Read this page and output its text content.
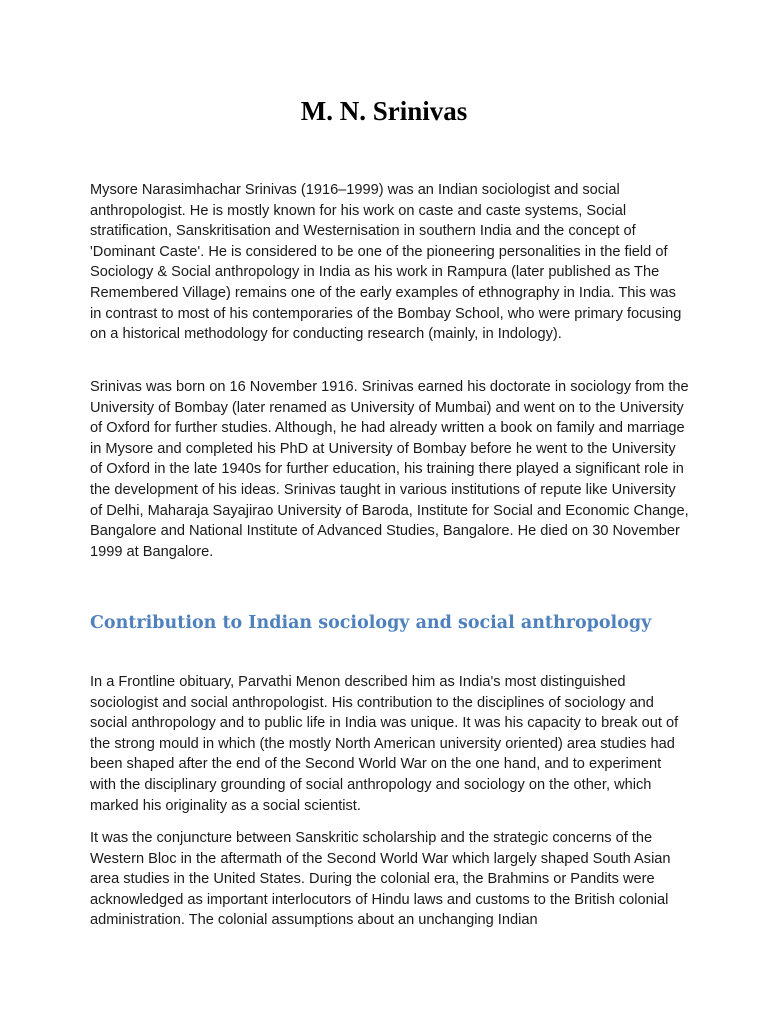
M. N. Srinivas

Mysore Narasimhachar Srinivas (1916–1999) was an Indian sociologist and social anthropologist. He is mostly known for his work on caste and caste systems, Social stratification, Sanskritisation and Westernisation in southern India and the concept of 'Dominant Caste'. He is considered to be one of the pioneering personalities in the field of Sociology & Social anthropology in India as his work in Rampura (later published as The Remembered Village) remains one of the early examples of ethnography in India. This was in contrast to most of his contemporaries of the Bombay School, who were primary focusing on a historical methodology for conducting research (mainly, in Indology).

Srinivas was born on 16 November 1916. Srinivas earned his doctorate in sociology from the University of Bombay (later renamed as University of Mumbai) and went on to the University of Oxford for further studies. Although, he had already written a book on family and marriage in Mysore and completed his PhD at University of Bombay before he went to the University of Oxford in the late 1940s for further education, his training there played a significant role in the development of his ideas. Srinivas taught in various institutions of repute like University of Delhi, Maharaja Sayajirao University of Baroda, Institute for Social and Economic Change, Bangalore and National Institute of Advanced Studies, Bangalore. He died on 30 November 1999 at Bangalore.

Contribution to Indian sociology and social anthropology

In a Frontline obituary, Parvathi Menon described him as India's most distinguished sociologist and social anthropologist. His contribution to the disciplines of sociology and social anthropology and to public life in India was unique. It was his capacity to break out of the strong mould in which (the mostly North American university oriented) area studies had been shaped after the end of the Second World War on the one hand, and to experiment with the disciplinary grounding of social anthropology and sociology on the other, which marked his originality as a social scientist.

It was the conjuncture between Sanskritic scholarship and the strategic concerns of the Western Bloc in the aftermath of the Second World War which largely shaped South Asian area studies in the United States. During the colonial era, the Brahmins or Pandits were acknowledged as important interlocutors of Hindu laws and customs to the British colonial administration. The colonial assumptions about an unchanging Indian
